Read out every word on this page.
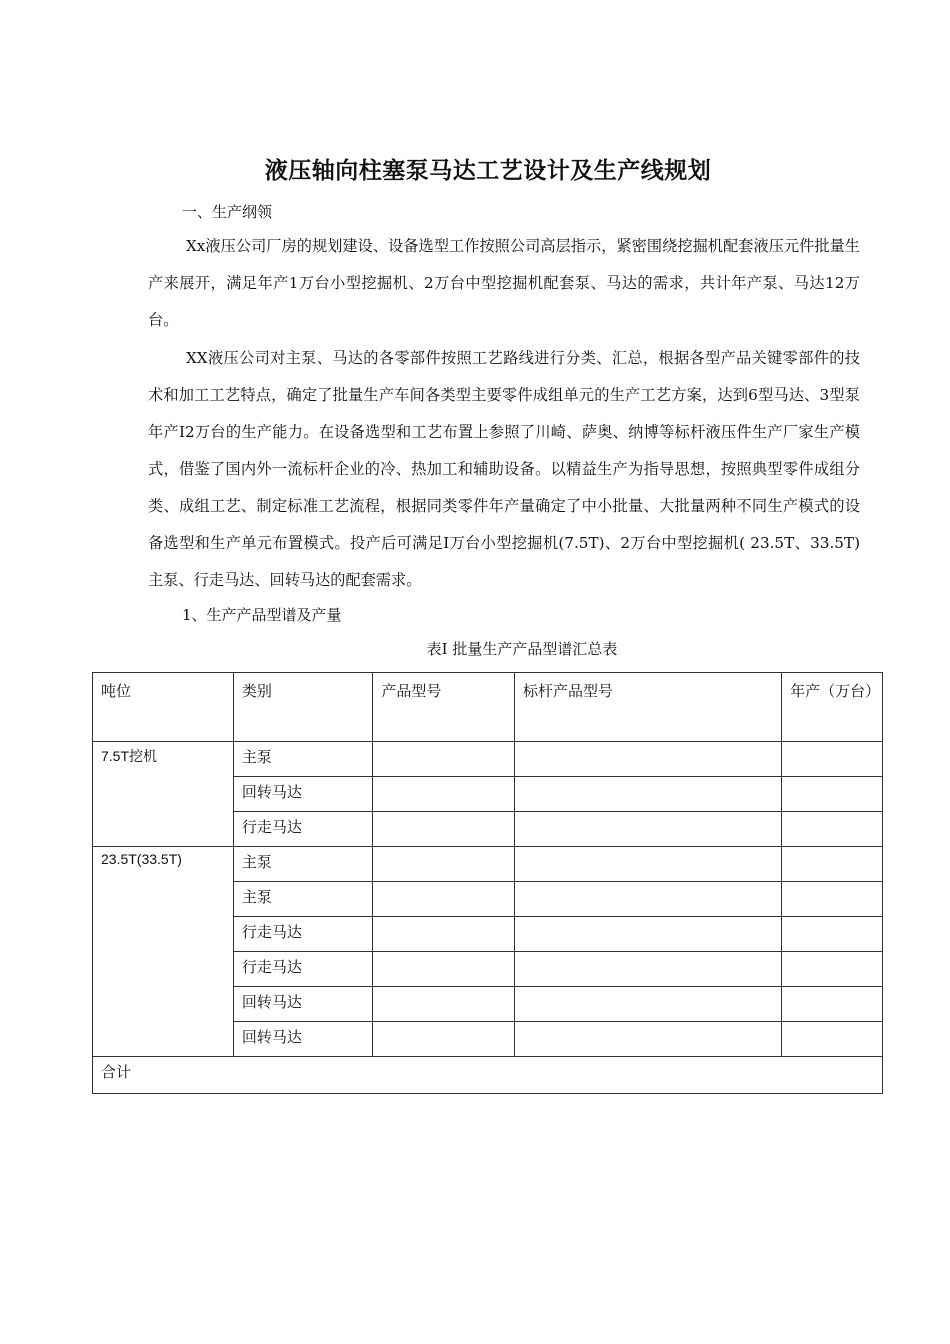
液压轴向柱塞泵马达工艺设计及生产线规划
一、生产纲领

Xx液压公司厂房的规划建设、设备选型工作按照公司高层指示，紧密围绕挖掘机配套液压元件批量生产来展开，满足年产1万台小型挖掘机、2万台中型挖掘机配套泵、马达的需求，共计年产泵、马达12万台。

XX液压公司对主泵、马达的各零部件按照工艺路线进行分类、汇总，根据各型产品关键零部件的技术和加工工艺特点，确定了批量生产车间各类型主要零件成组单元的生产工艺方案，达到6型马达、3型泵年产I2万台的生产能力。在设备选型和工艺布置上参照了川崎、萨奥、纳博等标杆液压件生产厂家生产模式，借鉴了国内外一流标杆企业的冷、热加工和辅助设备。以精益生产为指导思想，按照典型零件成组分类、成组工艺、制定标准工艺流程，根据同类零件年产量确定了中小批量、大批量两种不同生产模式的设备选型和生产单元布置模式。投产后可满足I万台小型挖掘机(7.5T)、2万台中型挖掘机( 23.5T、33.5T)主泵、行走马达、回转马达的配套需求。

1、生产产品型谱及产量
表I 批量生产产品型谱汇总表
吨位	类别	产品型号	标杆产品型号	年产（万台）
7.5T挖机	主泵			
	回转马达			
	行走马达			
23.5T(33.5T)	主泵			
	主泵			
	行走马达			
	行走马达			
	回转马达			
	回转马达			
合计				
